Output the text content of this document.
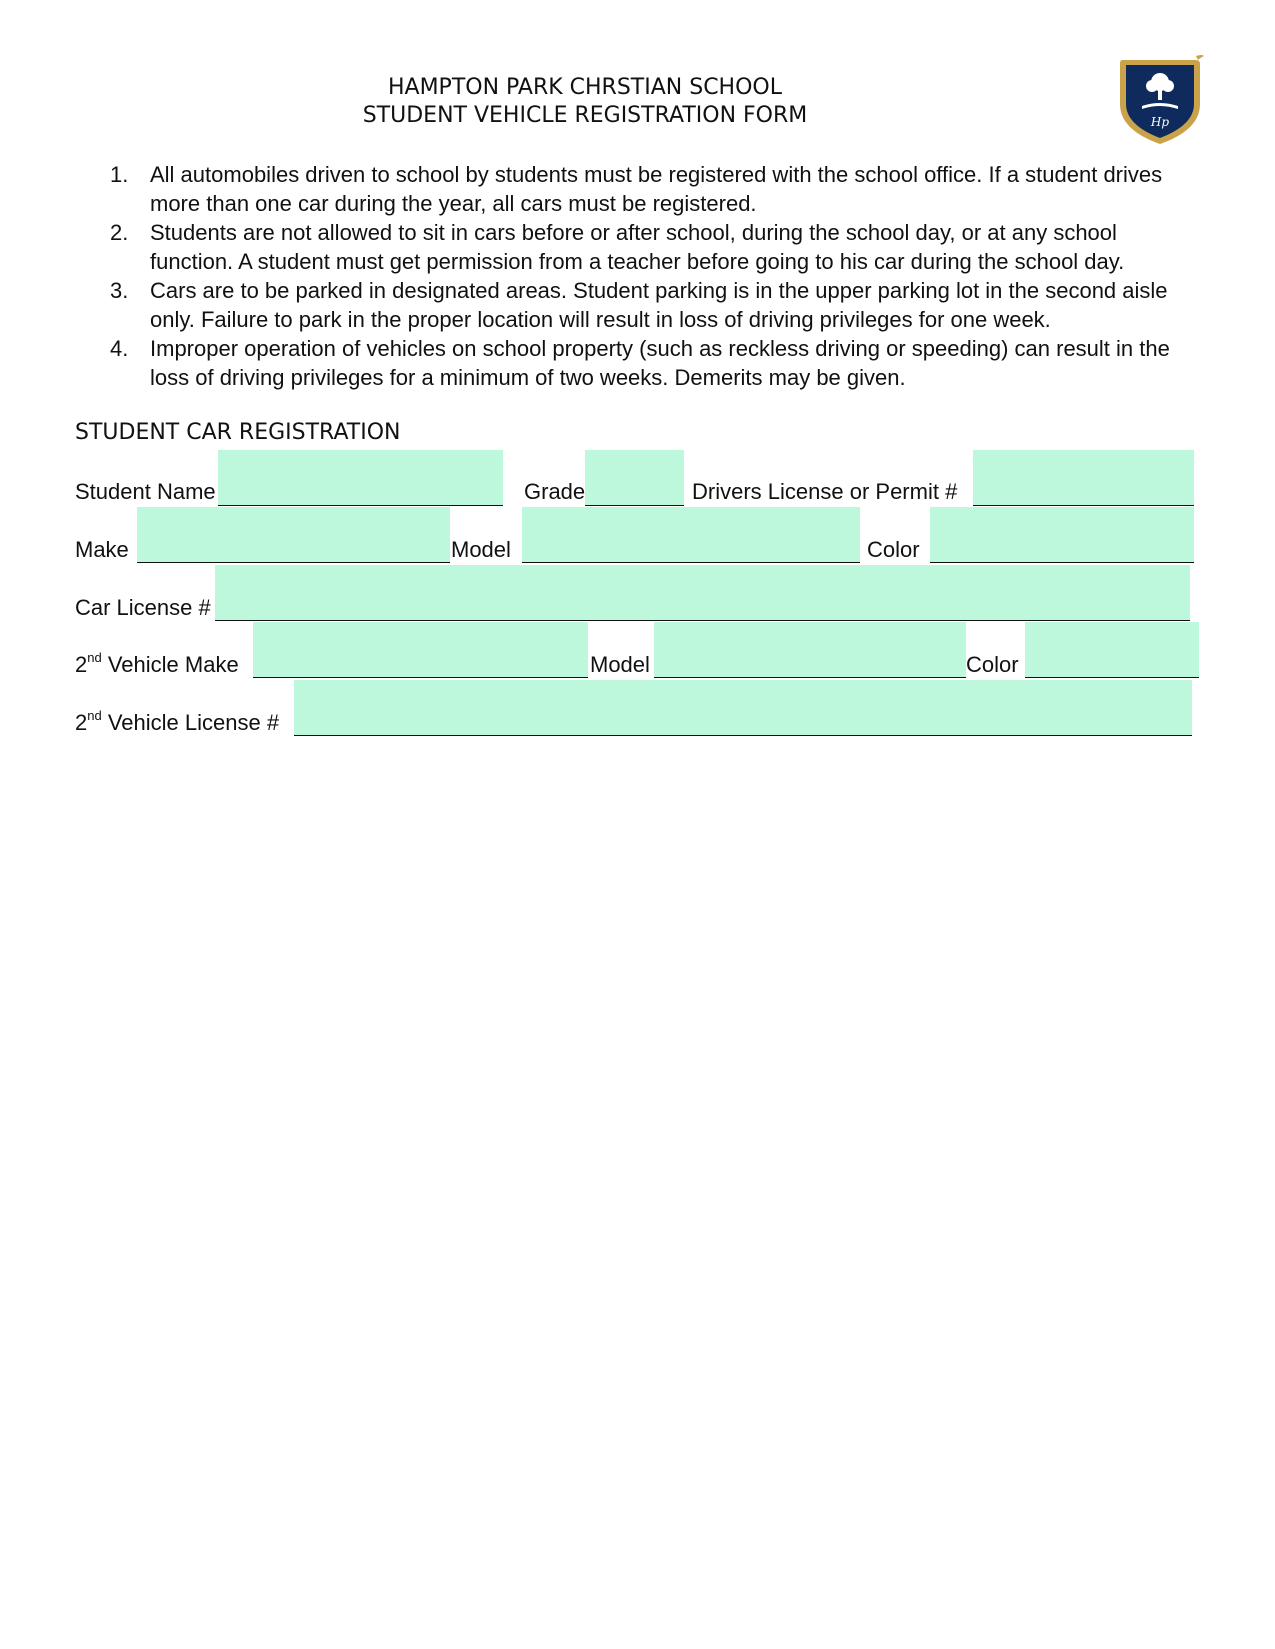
HAMPTON PARK CHRSTIAN SCHOOL
STUDENT VEHICLE REGISTRATION FORM	Hp
1. All automobiles driven to school by students must be registered with the school office. If a student drives more than one car during the year, all cars must be registered.
2. Students are not allowed to sit in cars before or after school, during the school day, or at any school function. A student must get permission from a teacher before going to his car during the school day.
3. Cars are to be parked in designated areas. Student parking is in the upper parking lot in the second aisle only. Failure to park in the proper location will result in loss of driving privileges for one week.
4. Improper operation of vehicles on school property (such as reckless driving or speeding) can result in the loss of driving privileges for a minimum of two weeks. Demerits may be given.
STUDENT CAR REGISTRATION
Student Name	Grade	Drivers License or Permit #
Make	Model	Color
Car License #
2nd Vehicle Make	Model	Color
2nd Vehicle License #
